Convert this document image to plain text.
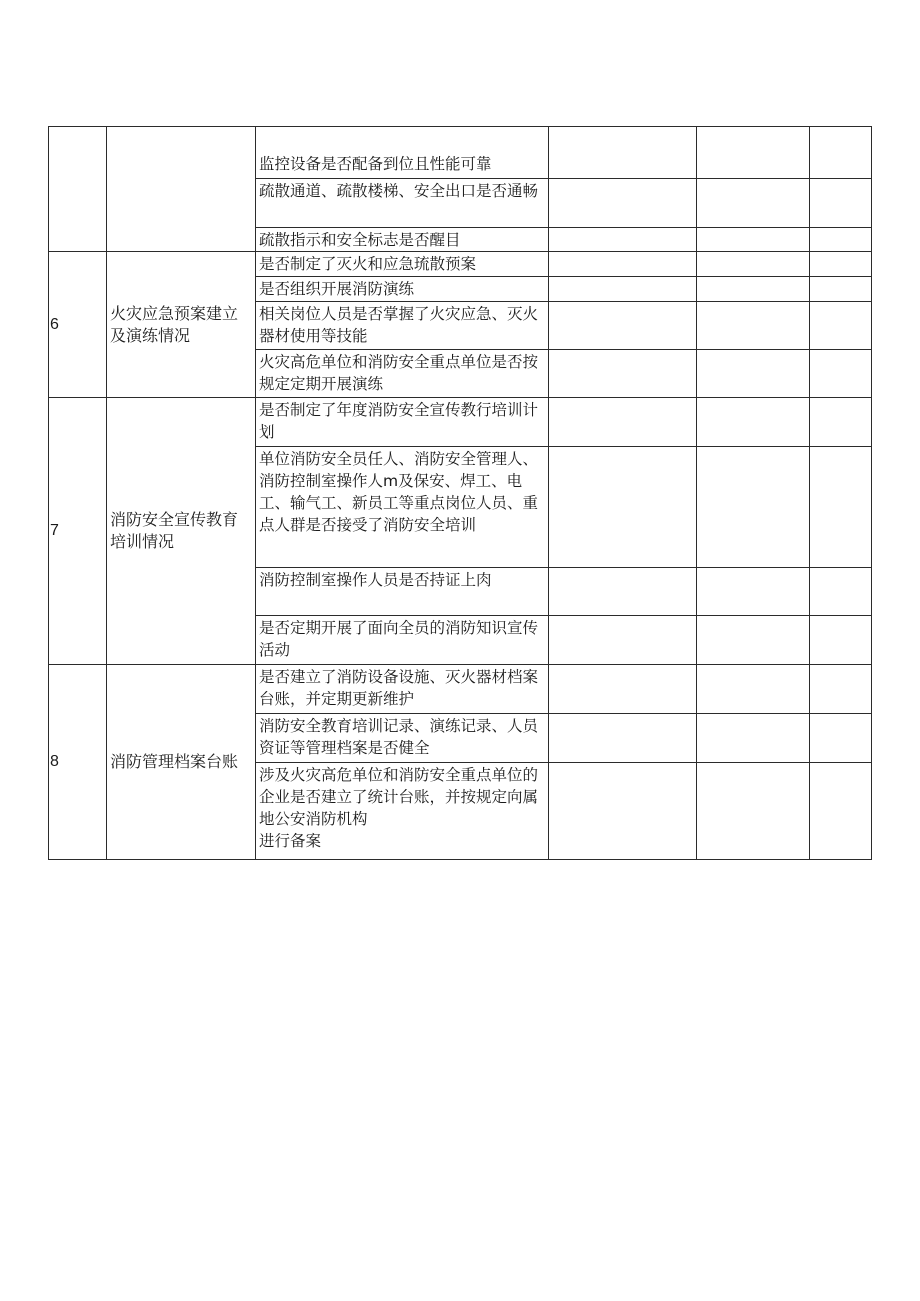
		监控设备是否配备到位且性能可靠			
		疏散通道、疏散楼梯、安全出口是否通畅			
		疏散指示和安全标志是否醒目			
6	火灾应急预案建立及演练情况	是否制定了灭火和应急琉散预案			
		是否组织开展消防演练			
		相关岗位人员是否掌握了火灾应急、灭火器材使用等技能			
		火灾高危单位和消防安全重点单位是否按规定定期开展演练			
7	消防安全宣传教育培训情况	是否制定了年度消防安全宣传教行培训计划			
		单位消防安全员任人、消防安全管理人、消防控制室操作人m及保安、焊工、电工、输气工、新员工等重点岗位人员、重点人群是否接受了消防安全培训			
		消防控制室操作人员是否持证上肉			
		是否定期开展了面向全员的消防知识宣传活动			
8	消防管理档案台账	是否建立了消防设备设施、灭火器材档案台账，并定期更新维护			
		消防安全教育培训记录、演练记录、人员资证等管理档案是否健全			
		涉及火灾高危单位和消防安全重点单位的企业是否建立了统计台账，并按规定向属地公安消防机构
进行备案			
